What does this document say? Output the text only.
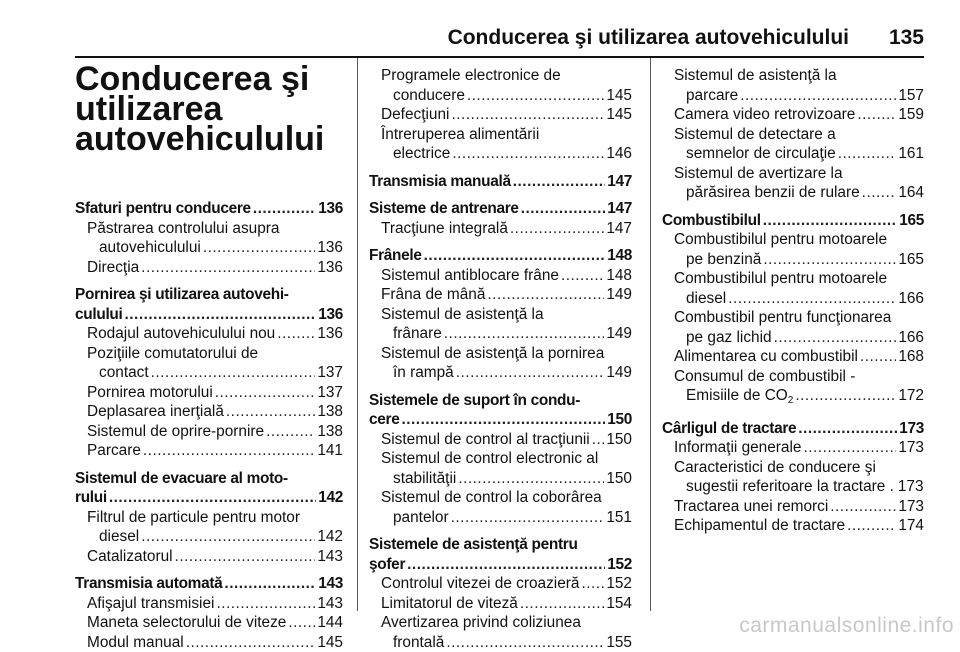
Conducerea şi utilizarea autovehiculului 135
Conducerea şi
utilizarea
autovehiculului
Sfaturi pentru conducere .....	136
Păstrarea controlului asupra
autovehiculului .....	136
Direcţia .....	136
Pornirea şi utilizarea autovehi-
culului .....	136
Rodajul autovehiculului nou .....	136
Poziţiile comutatorului de
contact .....	137
Pornirea motorului .....	137
Deplasarea inerţială .....	138
Sistemul de oprire-pornire .....	138
Parcare .....	141
Sistemul de evacuare al moto-
rului .....	142
Filtrul de particule pentru motor
diesel .....	142
Catalizatorul .....	143
Transmisia automată .....	143
Afişajul transmisiei .....	143
Maneta selectorului de viteze ..... 144
Modul manual .....	145
Programele electronice de
conducere .....	145
Defecţiuni .....	145
Întreruperea alimentării
electrice .....	146
Transmisia manuală .....	147
Sisteme de antrenare .....	147
Tracţiune integrală .....	147
Frânele .....	148
Sistemul antiblocare frâne .....	148
Frâna de mână .....	149
Sistemul de asistenţă la
frânare .....	149
Sistemul de asistenţă la pornirea
în rampă .....	149
Sistemele de suport în condu-
cere .....	150
Sistemul de control al tracţiunii ..... 150
Sistemul de control electronic al
stabilităţii .....	150
Sistemul de control la coborârea
pantelor .....	151
Sistemele de asistenţă pentru
şofer .....	152
Controlul vitezei de croazieră ..... 152
Limitatorul de viteză .....	154
Avertizarea privind coliziunea
frontală .....	155
Sistemul de asistenţă la
parcare .....	157
Camera video retrovizoare .....	159
Sistemul de detectare a
semnelor de circulaţie .....	161
Sistemul de avertizare la
părăsirea benzii de rulare .....	164
Combustibilul .....	165
Combustibilul pentru motoarele
pe benzină .....	165
Combustibilul pentru motoarele
diesel .....	166
Combustibil pentru funcţionarea
pe gaz lichid .....	166
Alimentarea cu combustibil .....	168
Consumul de combustibil -
Emisiile de $CO_2$ .....	172
Cârligul de tractare .....	173
Informaţii generale .....	173
Caracteristici de conducere şi
sugestii referitoare la tractare . 173
Tractarea unei remorci .....	173
Echipamentul de tractare .....	174
carmanualsonline.info
